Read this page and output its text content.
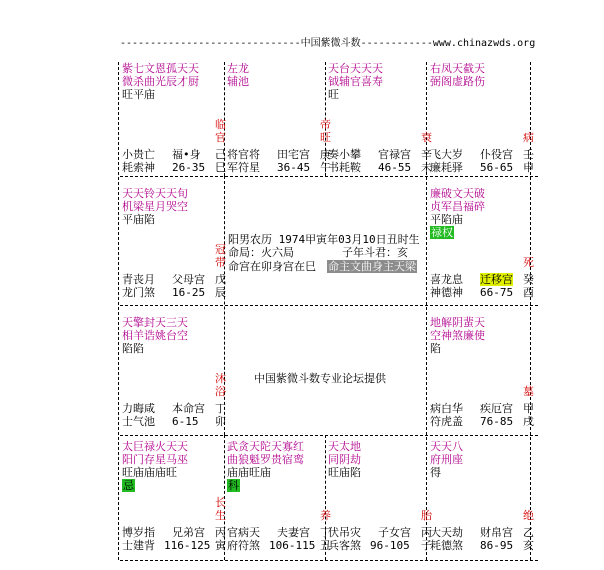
------------------------------中国紫微斗数------------www.chinazwds.org
紫七文恩孤天天
微杀曲光辰才厨
旺平庙
临
官
小贵亡
耗索神
福•身
26-35
己
巳
左龙
辅池
帝
旺
将官将
军符星
田宅宫
36-45
庚
午
天台天天天
钺辅官喜寿
旺
衰
奏小攀
书耗鞍
官禄宫
46-55
辛
未
右凤天截天
弼阁虚路伤
病
飞大岁
廉耗驿
仆役宫
56-65
壬
申
天天铃天天旬
机梁星月哭空
平庙陷
冠
带
青丧月
龙门煞
父母宫
16-25
戊
辰
廉破文天破
贞军昌福碎
平陷庙
禄权
死
喜龙息
神德神
迁移宫
66-75
癸
酉
天擎封天三天
相羊诰姚台空
陷陷
沐
浴
力晦咸
士气池
本命宫
6-15
丁
卯
地解阴蜚天
空神煞廉使
陷
墓
病白华
符虎盖
疾厄宫
76-85
甲
戌
太巨禄火天天
阳门存星马巫
旺庙庙庙旺
忌
长
生
博岁指
士建背
兄弟宫
116-125
丙
寅
武贪天陀天寡红
曲狼魁罗贵宿鸾
庙庙旺庙
科
养
官病天
府符煞
夫妻宫
106-115
丁
丑
天太地
同阴劫
旺庙陷
胎
伏吊灾
兵客煞
子女宫
96-105
丙
子
天天八
府刑座
得
绝
大天劫
耗德煞
财帛宫
86-95
乙
亥
阳男农历 1974甲寅年03月10日丑时生
命局：火六局	子年斗君：亥
命宫在卯身宫在巳 命主文曲身主天梁
中国紫微斗数专业论坛提供
